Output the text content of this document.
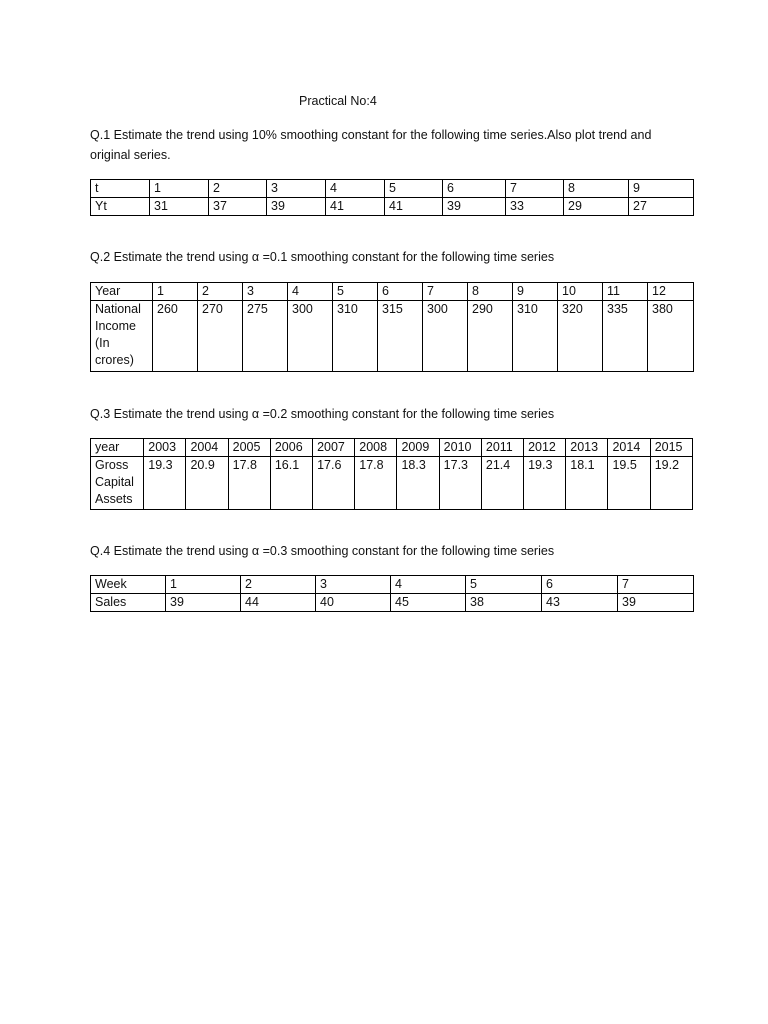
Practical No:4
Q.1 Estimate the trend using 10% smoothing constant for the following time series.Also plot trend and original series.
t	1	2	3	4	5	6	7	8	9
Yt	31	37	39	41	41	39	33	29	27
Q.2 Estimate the trend using α =0.1 smoothing constant for the following time series
Year	1	2	3	4	5	6	7	8	9	10	11	12
National Income (In crores)	260	270	275	300	310	315	300	290	310	320	335	380
Q.3 Estimate the trend using α =0.2 smoothing constant for the following time series
year	2003	2004	2005	2006	2007	2008	2009	2010	2011	2012	2013	2014	2015
Gross Capital Assets	19.3	20.9	17.8	16.1	17.6	17.8	18.3	17.3	21.4	19.3	18.1	19.5	19.2
Q.4 Estimate the trend using α =0.3 smoothing constant for the following time series
Week	1	2	3	4	5	6	7
Sales	39	44	40	45	38	43	39
